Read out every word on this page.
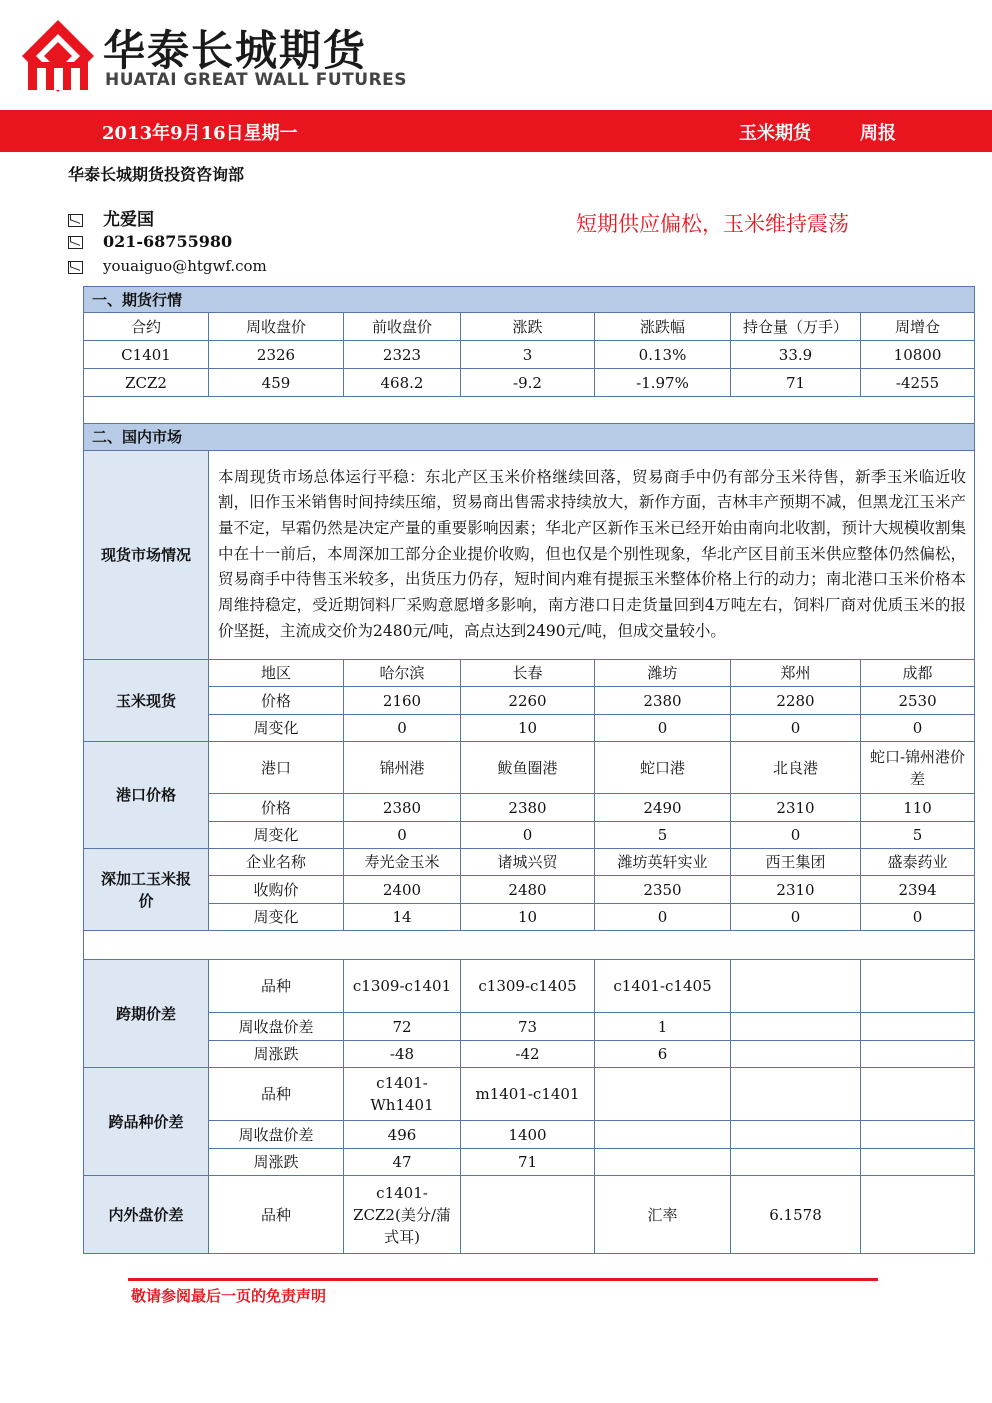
华泰长城期货
HUATAI GREAT WALL FUTURES
2013年9月16日星期一	玉米期货	周报
华泰长城期货投资咨询部
尤爱国
021-68755980
youaiguo@htgwf.com
短期供应偏松，玉米维持震荡
一、期货行情						
合约	周收盘价	前收盘价	涨跌	涨跌幅	持仓量（万手）	周增仓
C1401	2326	2323	3	0.13%	33.9	10800
ZCZ2	459	468.2	-9.2	-1.97%	71	-4255

二、国内市场						
现货市场情况	本周现货市场总体运行平稳：东北产区玉米价格继续回落，贸易商手中仍有部分玉米待售，新季玉米临近收割，旧作玉米销售时间持续压缩，贸易商出售需求持续放大，新作方面，吉林丰产预期不减，但黑龙江玉米产量不定，早霜仍然是决定产量的重要影响因素；华北产区新作玉米已经开始由南向北收割，预计大规模收割集中在十一前后，本周深加工部分企业提价收购，但也仅是个别性现象，华北产区目前玉米供应整体仍然偏松，贸易商手中待售玉米较多，出货压力仍存，短时间内难有提振玉米整体价格上行的动力；南北港口玉米价格本周维持稳定，受近期饲料厂采购意愿增多影响，南方港口日走货量回到4万吨左右，饲料厂商对优质玉米的报价坚挺，主流成交价为2480元/吨，高点达到2490元/吨，但成交量较小。					
玉米现货	地区	哈尔滨	长春	潍坊	郑州	成都
	价格	2160	2260	2380	2280	2530
	周变化	0	10	0	0	0
港口价格	港口	锦州港	鲅鱼圈港	蛇口港	北良港	蛇口-锦州港价差
	价格	2380	2380	2490	2310	110
	周变化	0	0	5	0	5
深加工玉米报价	企业名称	寿光金玉米	诸城兴贸	潍坊英轩实业	西王集团	盛泰药业
	收购价	2400	2480	2350	2310	2394
	周变化	14	10	0	0	0

跨期价差	品种	c1309-c1401	c1309-c1405	c1401-c1405		
	周收盘价差	72	73	1		
	周涨跌	-48	-42	6		
跨品种价差	品种	c1401-Wh1401	m1401-c1401			
	周收盘价差	496	1400			
	周涨跌	47	71			
内外盘价差	品种	c1401-ZCZ2(美分/蒲式耳)		汇率	6.1578	
敬请参阅最后一页的免责声明
